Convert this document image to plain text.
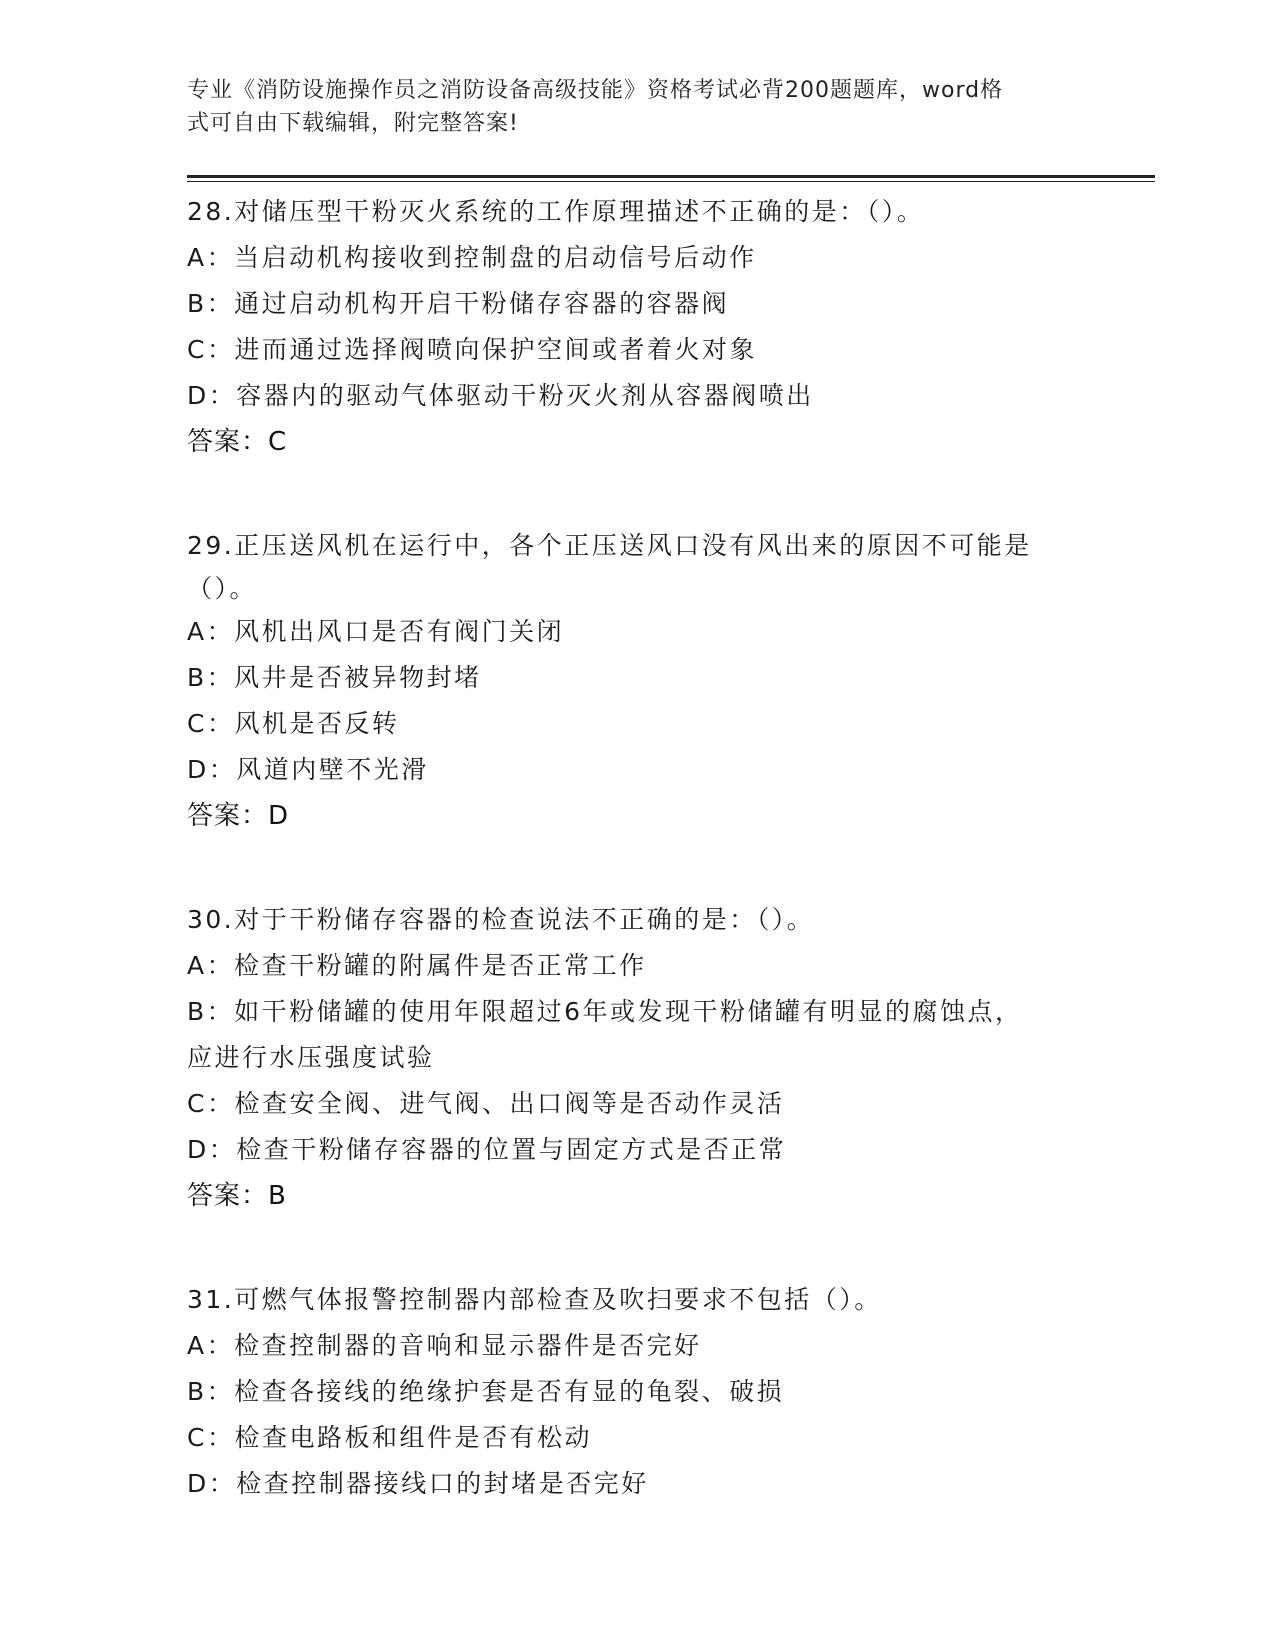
专业《消防设施操作员之消防设备高级技能》资格考试必背200题题库，word格
式可自由下载编辑，附完整答案!
28.对储压型干粉灭火系统的工作原理描述不正确的是：（）。
A：当启动机构接收到控制盘的启动信号后动作
B：通过启动机构开启干粉储存容器的容器阀
C：进而通过选择阀喷向保护空间或者着火对象
D：容器内的驱动气体驱动干粉灭火剂从容器阀喷出
答案：C
29.正压送风机在运行中，各个正压送风口没有风出来的原因不可能是
（）。
A：风机出风口是否有阀门关闭
B：风井是否被异物封堵
C：风机是否反转
D：风道内壁不光滑
答案：D
30.对于干粉储存容器的检查说法不正确的是：（）。
A：检查干粉罐的附属件是否正常工作
B：如干粉储罐的使用年限超过6年或发现干粉储罐有明显的腐蚀点，
应进行水压强度试验
C：检查安全阀、进气阀、出口阀等是否动作灵活
D：检查干粉储存容器的位置与固定方式是否正常
答案：B
31.可燃气体报警控制器内部检查及吹扫要求不包括（）。
A：检查控制器的音响和显示器件是否完好
B：检查各接线的绝缘护套是否有显的龟裂、破损
C：检查电路板和组件是否有松动
D：检查控制器接线口的封堵是否完好
